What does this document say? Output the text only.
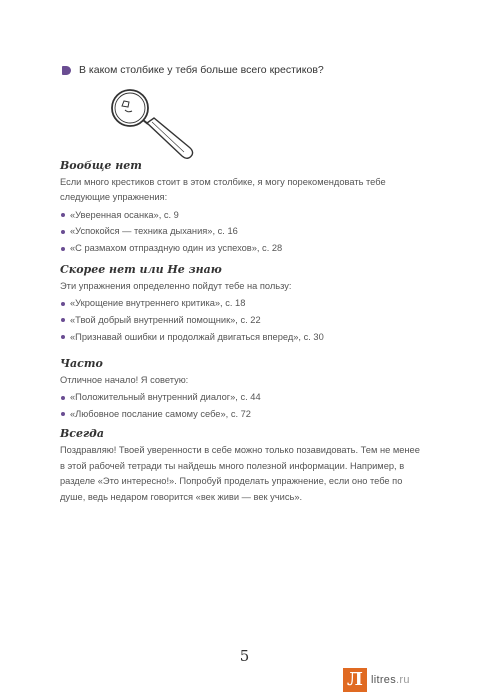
В каком столбике у тебя больше всего крестиков?
Вообще нет

Если много крестиков стоит в этом столбике, я могу порекомендовать тебе следующие упражнения:

«Уверенная осанка», с. 9
«Успокойся — техника дыхания», с. 16
«С размахом отпраздную один из успехов», с. 28
Скорее нет или Не знаю

Эти упражнения определенно пойдут тебе на пользу:

«Укрощение внутреннего критика», с. 18
«Твой добрый внутренний помощник», с. 22
«Признавай ошибки и продолжай двигаться вперед», с. 30
Часто

Отличное начало! Я советую:

«Положительный внутренний диалог», с. 44
«Любовное послание самому себе», с. 72
Всегда

Поздравляю! Твоей уверенности в себе можно только позавидовать. Тем не менее в этой рабочей тетради ты найдешь много полезной информации. Например, в разделе «Это интересно!». Попробуй проделать упражнение, если оно тебе по душе, ведь недаром говорится «век живи — век учись».

5
Л litres.ru
